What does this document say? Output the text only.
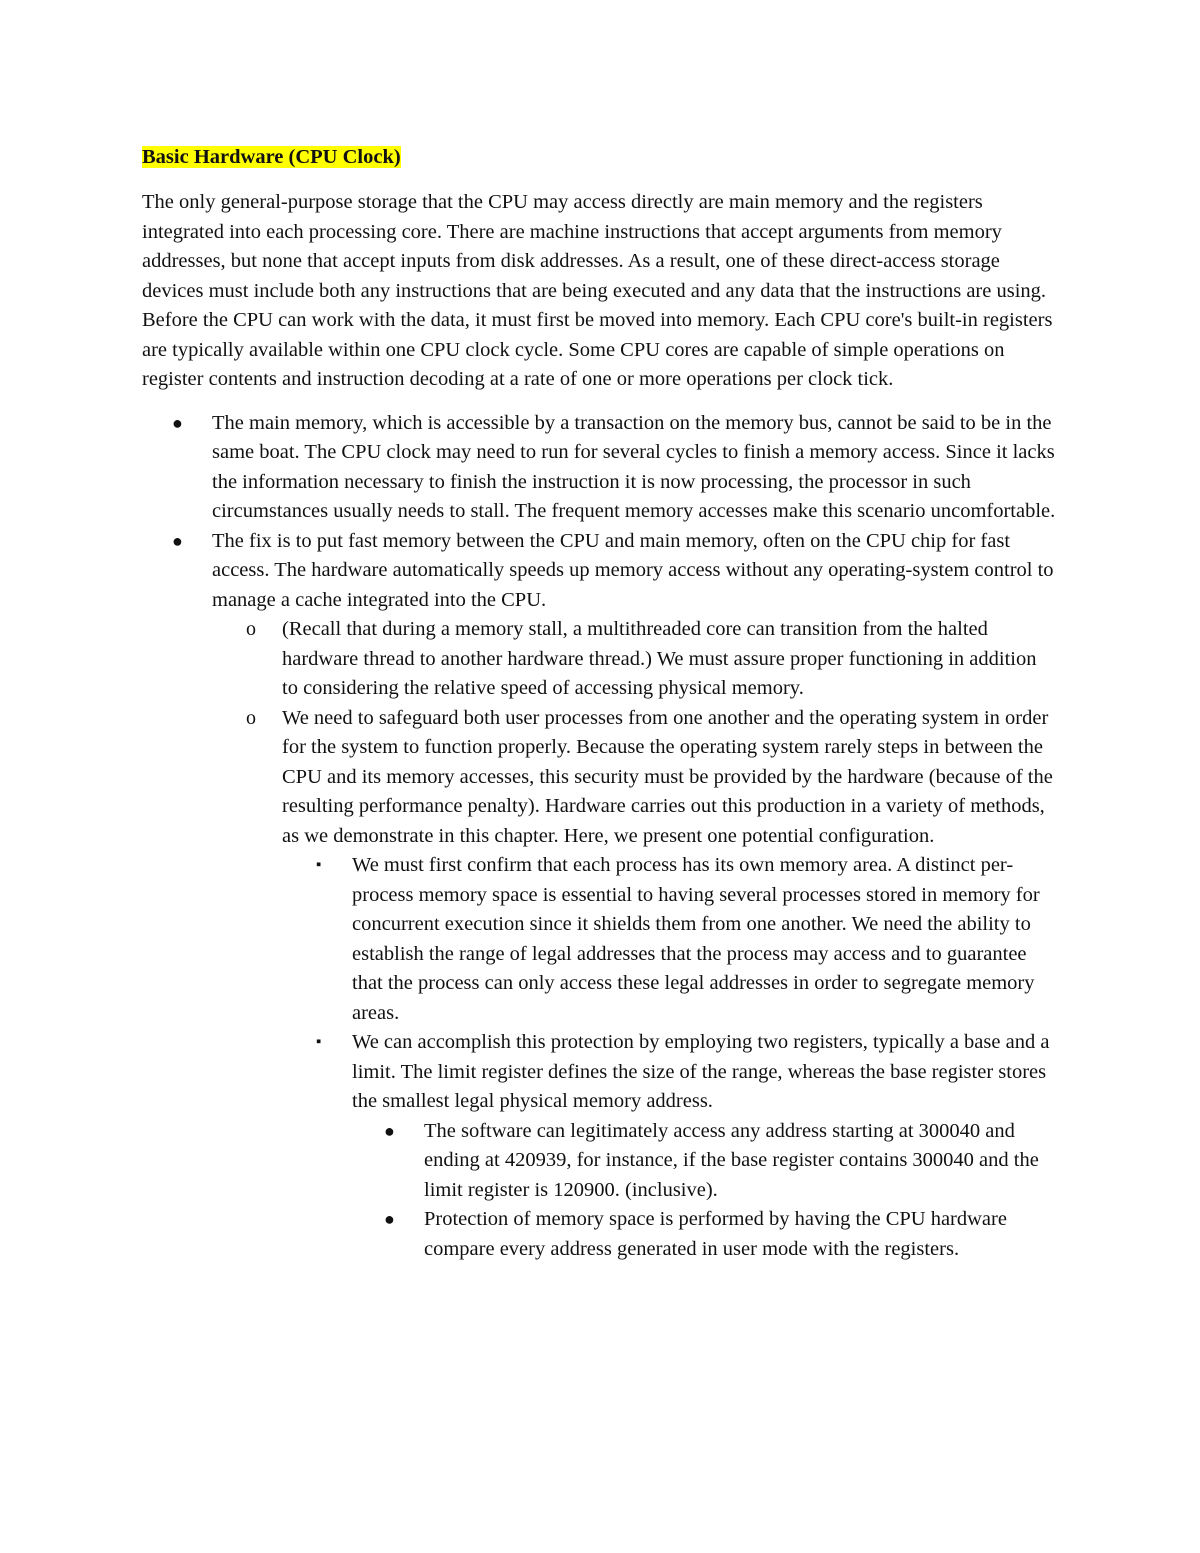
Basic Hardware (CPU Clock)

The only general-purpose storage that the CPU may access directly are main memory and the registers integrated into each processing core. There are machine instructions that accept arguments from memory addresses, but none that accept inputs from disk addresses. As a result, one of these direct-access storage devices must include both any instructions that are being executed and any data that the instructions are using. Before the CPU can work with the data, it must first be moved into memory. Each CPU core's built-in registers are typically available within one CPU clock cycle. Some CPU cores are capable of simple operations on register contents and instruction decoding at a rate of one or more operations per clock tick.

● The main memory, which is accessible by a transaction on the memory bus, cannot be said to be in the same boat. The CPU clock may need to run for several cycles to finish a memory access. Since it lacks the information necessary to finish the instruction it is now processing, the processor in such circumstances usually needs to stall. The frequent memory accesses make this scenario uncomfortable.
● The fix is to put fast memory between the CPU and main memory, often on the CPU chip for fast access. The hardware automatically speeds up memory access without any operating-system control to manage a cache integrated into the CPU.
o (Recall that during a memory stall, a multithreaded core can transition from the halted hardware thread to another hardware thread.) We must assure proper functioning in addition to considering the relative speed of accessing physical memory.
o We need to safeguard both user processes from one another and the operating system in order for the system to function properly. Because the operating system rarely steps in between the CPU and its memory accesses, this security must be provided by the hardware (because of the resulting performance penalty). Hardware carries out this production in a variety of methods, as we demonstrate in this chapter. Here, we present one potential configuration.
▪ We must first confirm that each process has its own memory area. A distinct per-process memory space is essential to having several processes stored in memory for concurrent execution since it shields them from one another. We need the ability to establish the range of legal addresses that the process may access and to guarantee that the process can only access these legal addresses in order to segregate memory areas.
▪ We can accomplish this protection by employing two registers, typically a base and a limit. The limit register defines the size of the range, whereas the base register stores the smallest legal physical memory address.
● The software can legitimately access any address starting at 300040 and ending at 420939, for instance, if the base register contains 300040 and the limit register is 120900. (inclusive).
● Protection of memory space is performed by having the CPU hardware compare every address generated in user mode with the registers.
